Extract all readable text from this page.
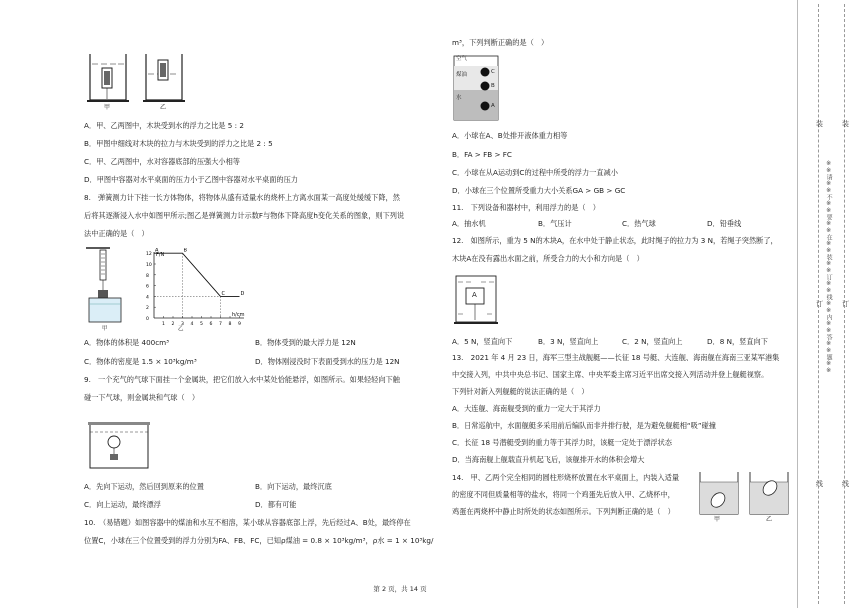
甲	乙
A．甲、乙两图中，木块受到水的浮力之比是 5 : 2
B．甲图中细线对木块的拉力与木块受到的浮力之比是 2 : 5
C．甲、乙两图中，水对容器底部的压强大小相等
D．甲图中容器对水平桌面的压力小于乙图中容器对水平桌面的压力
8.　弹簧测力计下挂一长方体物体，将物体从盛有适量水的烧杯上方离水面某一高度处缓缓下降，然
后将其逐渐浸入水中如图甲所示;图乙是弹簧测力计示数F与物体下降高度h变化关系的图象，则下列说
法中正确的是（　）
甲
F/N
h/cm
12
10
8
6
4
2
0
1 2 3 4 5 6 7 8 9
A	B
C	D
乙
A．物体的体积是 400cm³	B．物体受到的最大浮力是 12N
C．物体的密度是 1.5 × 10³kg/m³	D．物体刚浸没时下表面受到水的压力是 12N
9.　一个充气的气球下面挂一个金属块，把它们放入水中某处恰能悬浮，如图所示。如果轻轻向下触
碰一下气球，则金属块和气球（　）
A．先向下运动，然后回到原来的位置	B．向下运动，最终沉底
C．向上运动，最终漂浮	D．都有可能
10.　（易错题）如图容器中的煤油和水互不相溶，某小球从容器底部上浮，先后经过A、B处，最终停在
位置C，小球在三个位置受到的浮力分别为FA、FB、FC，已知ρ煤油 = 0.8 × 10³kg/m³，ρ水 = 1 × 10³kg/
m³，下列判断正确的是（　）
空气
煤油
水
A
B
C
A．小球在A、B处排开液体重力相等
B．FA > FB > FC
C．小球在从A运动到C的过程中所受的浮力一直减小
D．小球在三个位置所受重力大小关系GA > GB > GC
11.　下列设备和器材中，利用浮力的是（　）
A．抽水机	B．气压计	C．热气球	D．铅垂线
12.　如图所示，重为 5 N的木块A，在水中处于静止状态，此时绳子的拉力为 3 N，若绳子突然断了，
木块A在没有露出水面之前，所受合力的大小和方向是（　）
A
A．5 N，竖直向下	B．3 N，竖直向上	C．2 N，竖直向上	D．8 N，竖直向下
13.　2021 年 4 月 23 日，海军三型主战舰艇——长征 18 号艇、大连舰、海南舰在海南三亚某军港集
中交接入列，中共中央总书记、国家主席、中央军委主席习近平出席交接入列活动并登上舰艇视察。
下列针对新入列舰艇的说法正确的是（　）
A．大连舰、海南舰受到的重力一定大于其浮力
B．日常巡航中，水面舰艇多采用前后编队而非并排行驶，是为避免舰艇相“吸”碰撞
C．长征 18 号潜艇受到的重力等于其浮力时，该艇一定处于漂浮状态
D．当海南舰上舰载直升机起飞后，该舰排开水的体积会增大
14.　甲、乙两个完全相同的圆柱形烧杯放置在水平桌面上，内装入适量
的密度不同但质量相等的盐水，将同一个鸡蛋先后放入甲、乙烧杯中，
鸡蛋在两烧杯中静止时所处的状态如图所示。下列判断正确的是（　）
甲	乙
第 2 页，共 14 页
※※请※※不※※要※※在※※装※※订※※线※※内※※答※※题※※
装
订
线
装
订
线
